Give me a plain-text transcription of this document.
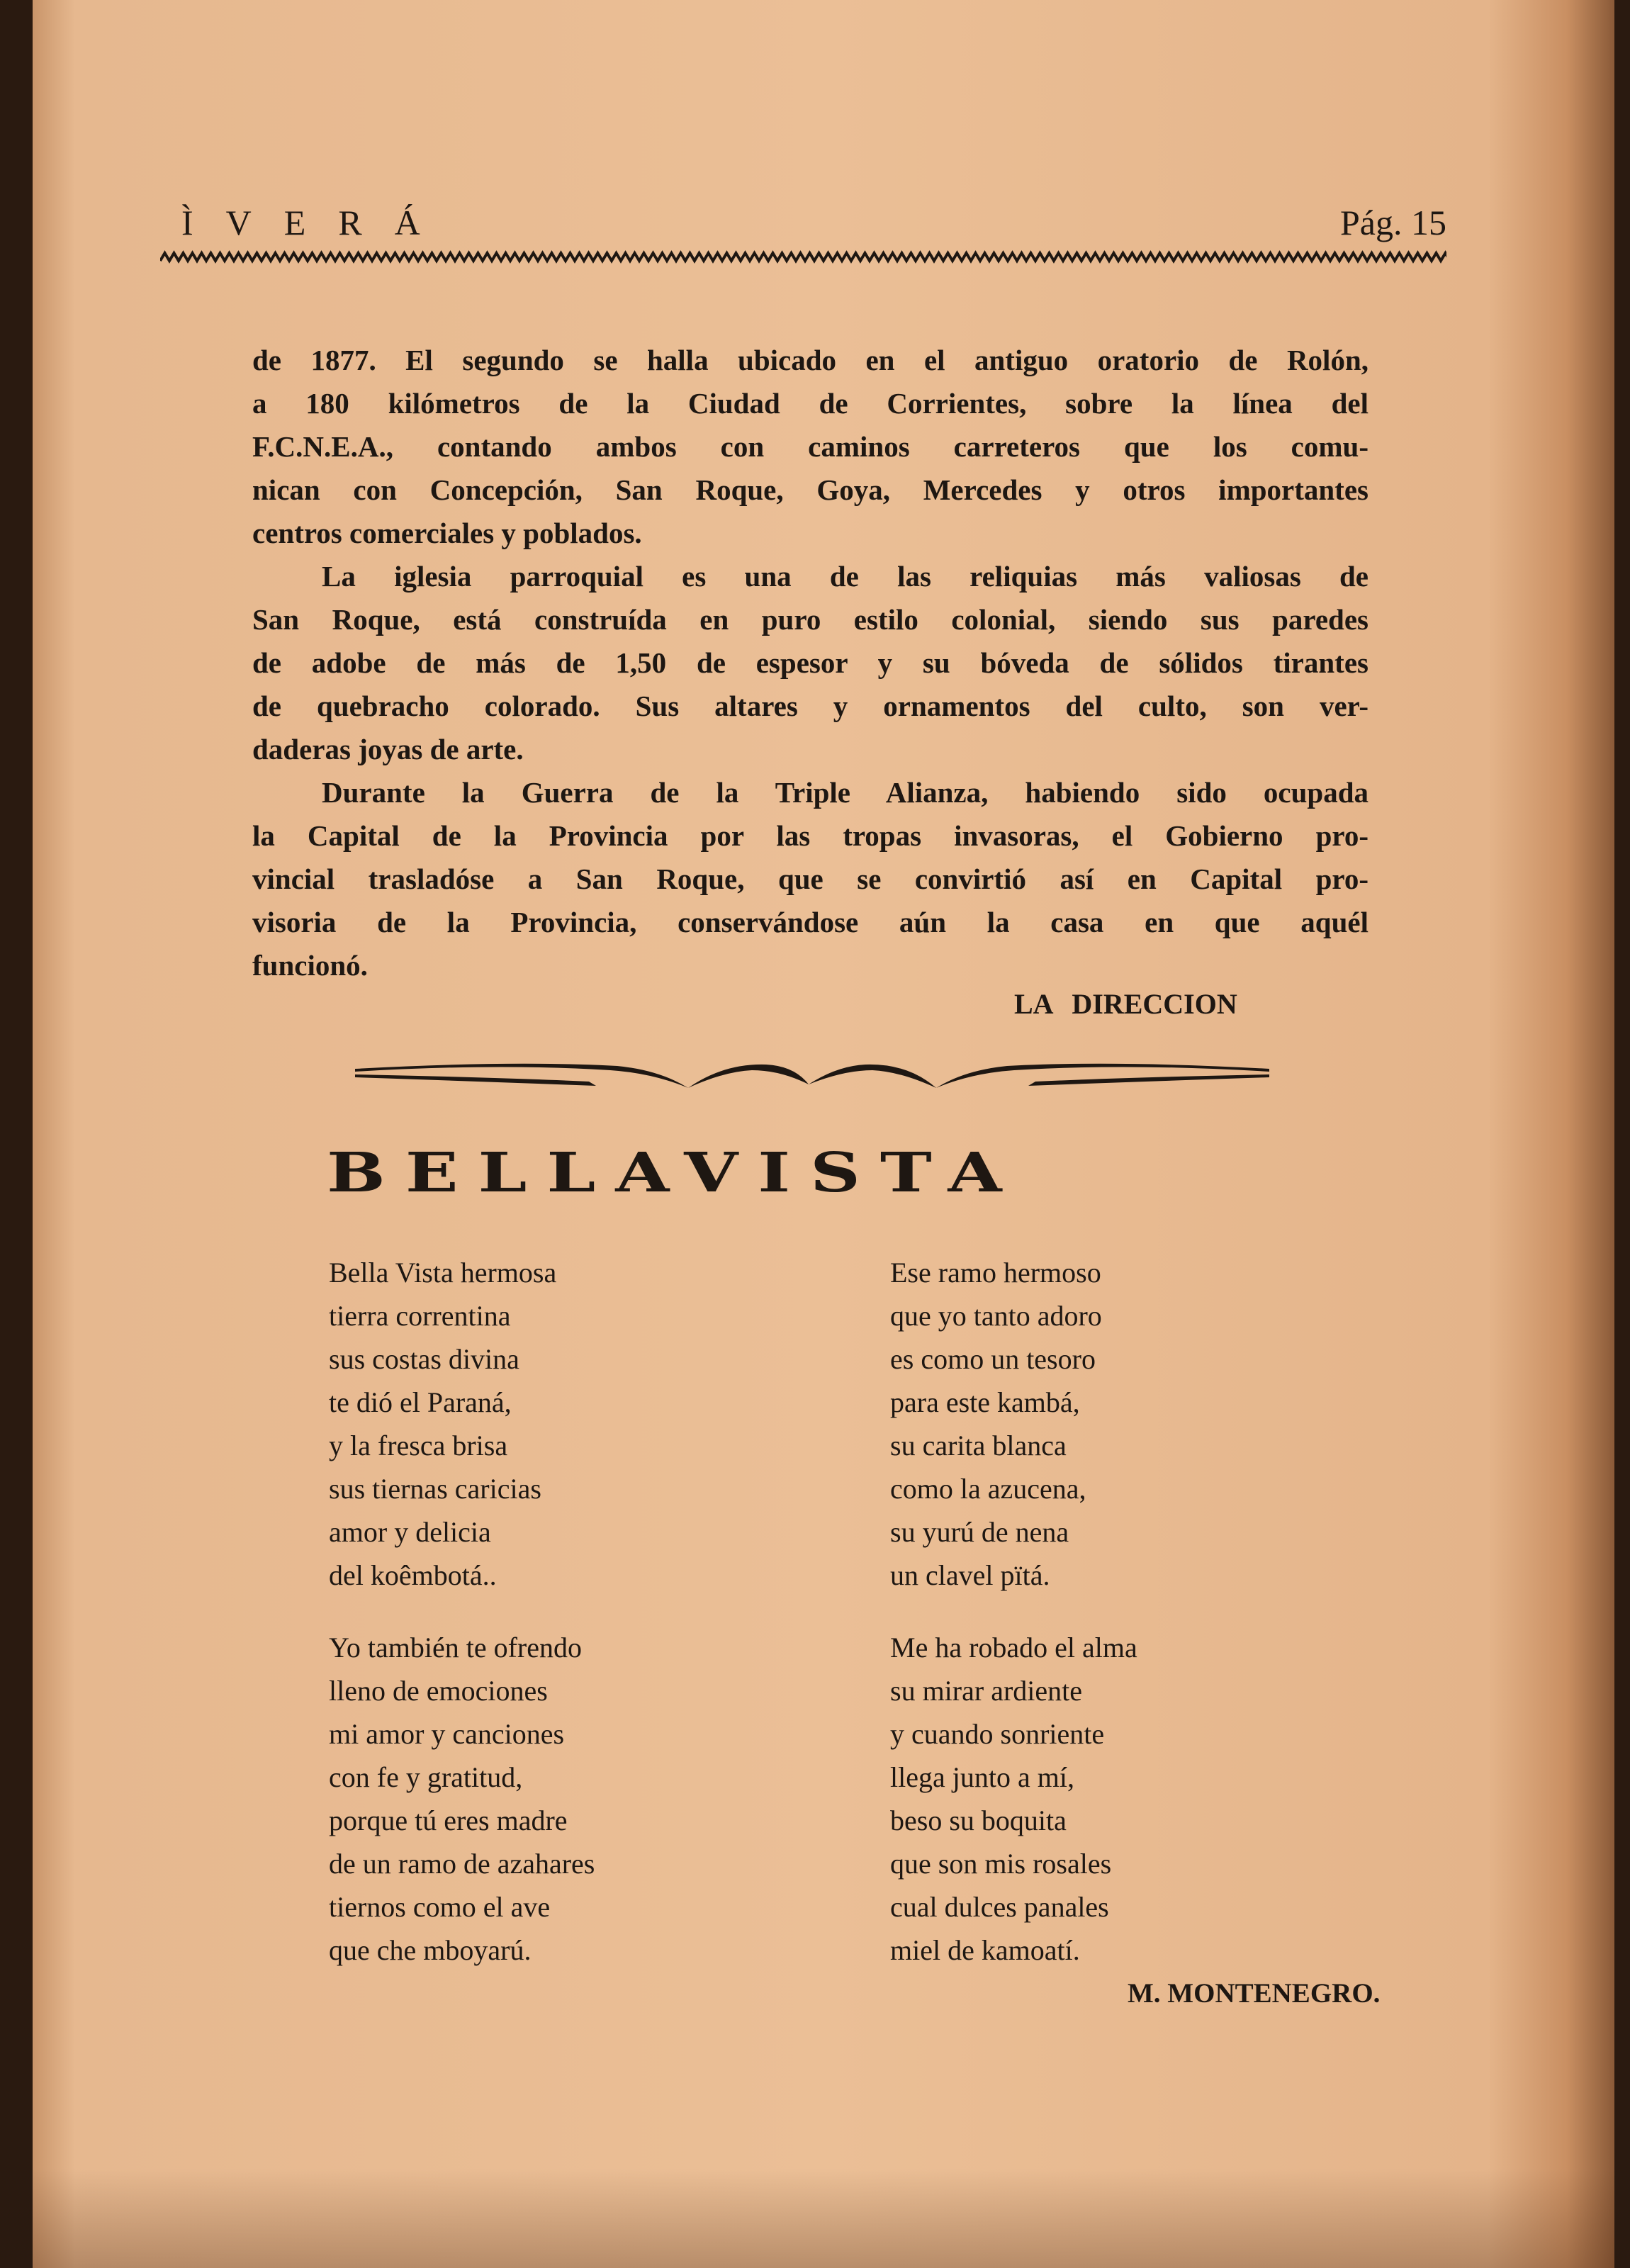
Ì V E R Á	Pág. 15
de 1877. El segundo se halla ubicado en el antiguo oratorio de Rolón,
a 180 kilómetros de la Ciudad de Corrientes, sobre la línea del
F.C.N.E.A., contando ambos con caminos carreteros que los comu-
nican con Concepción, San Roque, Goya, Mercedes y otros importantes
centros comerciales y poblados.
La iglesia parroquial es una de las reliquias más valiosas de
San Roque, está construída en puro estilo colonial, siendo sus paredes
de adobe de más de 1,50 de espesor y su bóveda de sólidos tirantes
de quebracho colorado. Sus altares y ornamentos del culto, son ver-
daderas joyas de arte.
Durante la Guerra de la Triple Alianza, habiendo sido ocupada
la Capital de la Provincia por las tropas invasoras, el Gobierno pro-
vincial trasladóse a San Roque, que se convirtió así en Capital pro-
visoria de la Provincia, conservándose aún la casa en que aquél
funcionó.
LA DIRECCION
BELLAVISTA
Bella Vista hermosa
tierra correntina
sus costas divina
te dió el Paraná,
y la fresca brisa
sus tiernas caricias
amor y delicia
del koêmbotá..
Yo también te ofrendo
lleno de emociones
mi amor y canciones
con fe y gratitud,
porque tú eres madre
de un ramo de azahares
tiernos como el ave
que che mboyarú.
Ese ramo hermoso
que yo tanto adoro
es como un tesoro
para este kambá,
su carita blanca
como la azucena,
su yurú de nena
un clavel pïtá.
Me ha robado el alma
su mirar ardiente
y cuando sonriente
llega junto a mí,
beso su boquita
que son mis rosales
cual dulces panales
miel de kamoatí.
M. MONTENEGRO.
